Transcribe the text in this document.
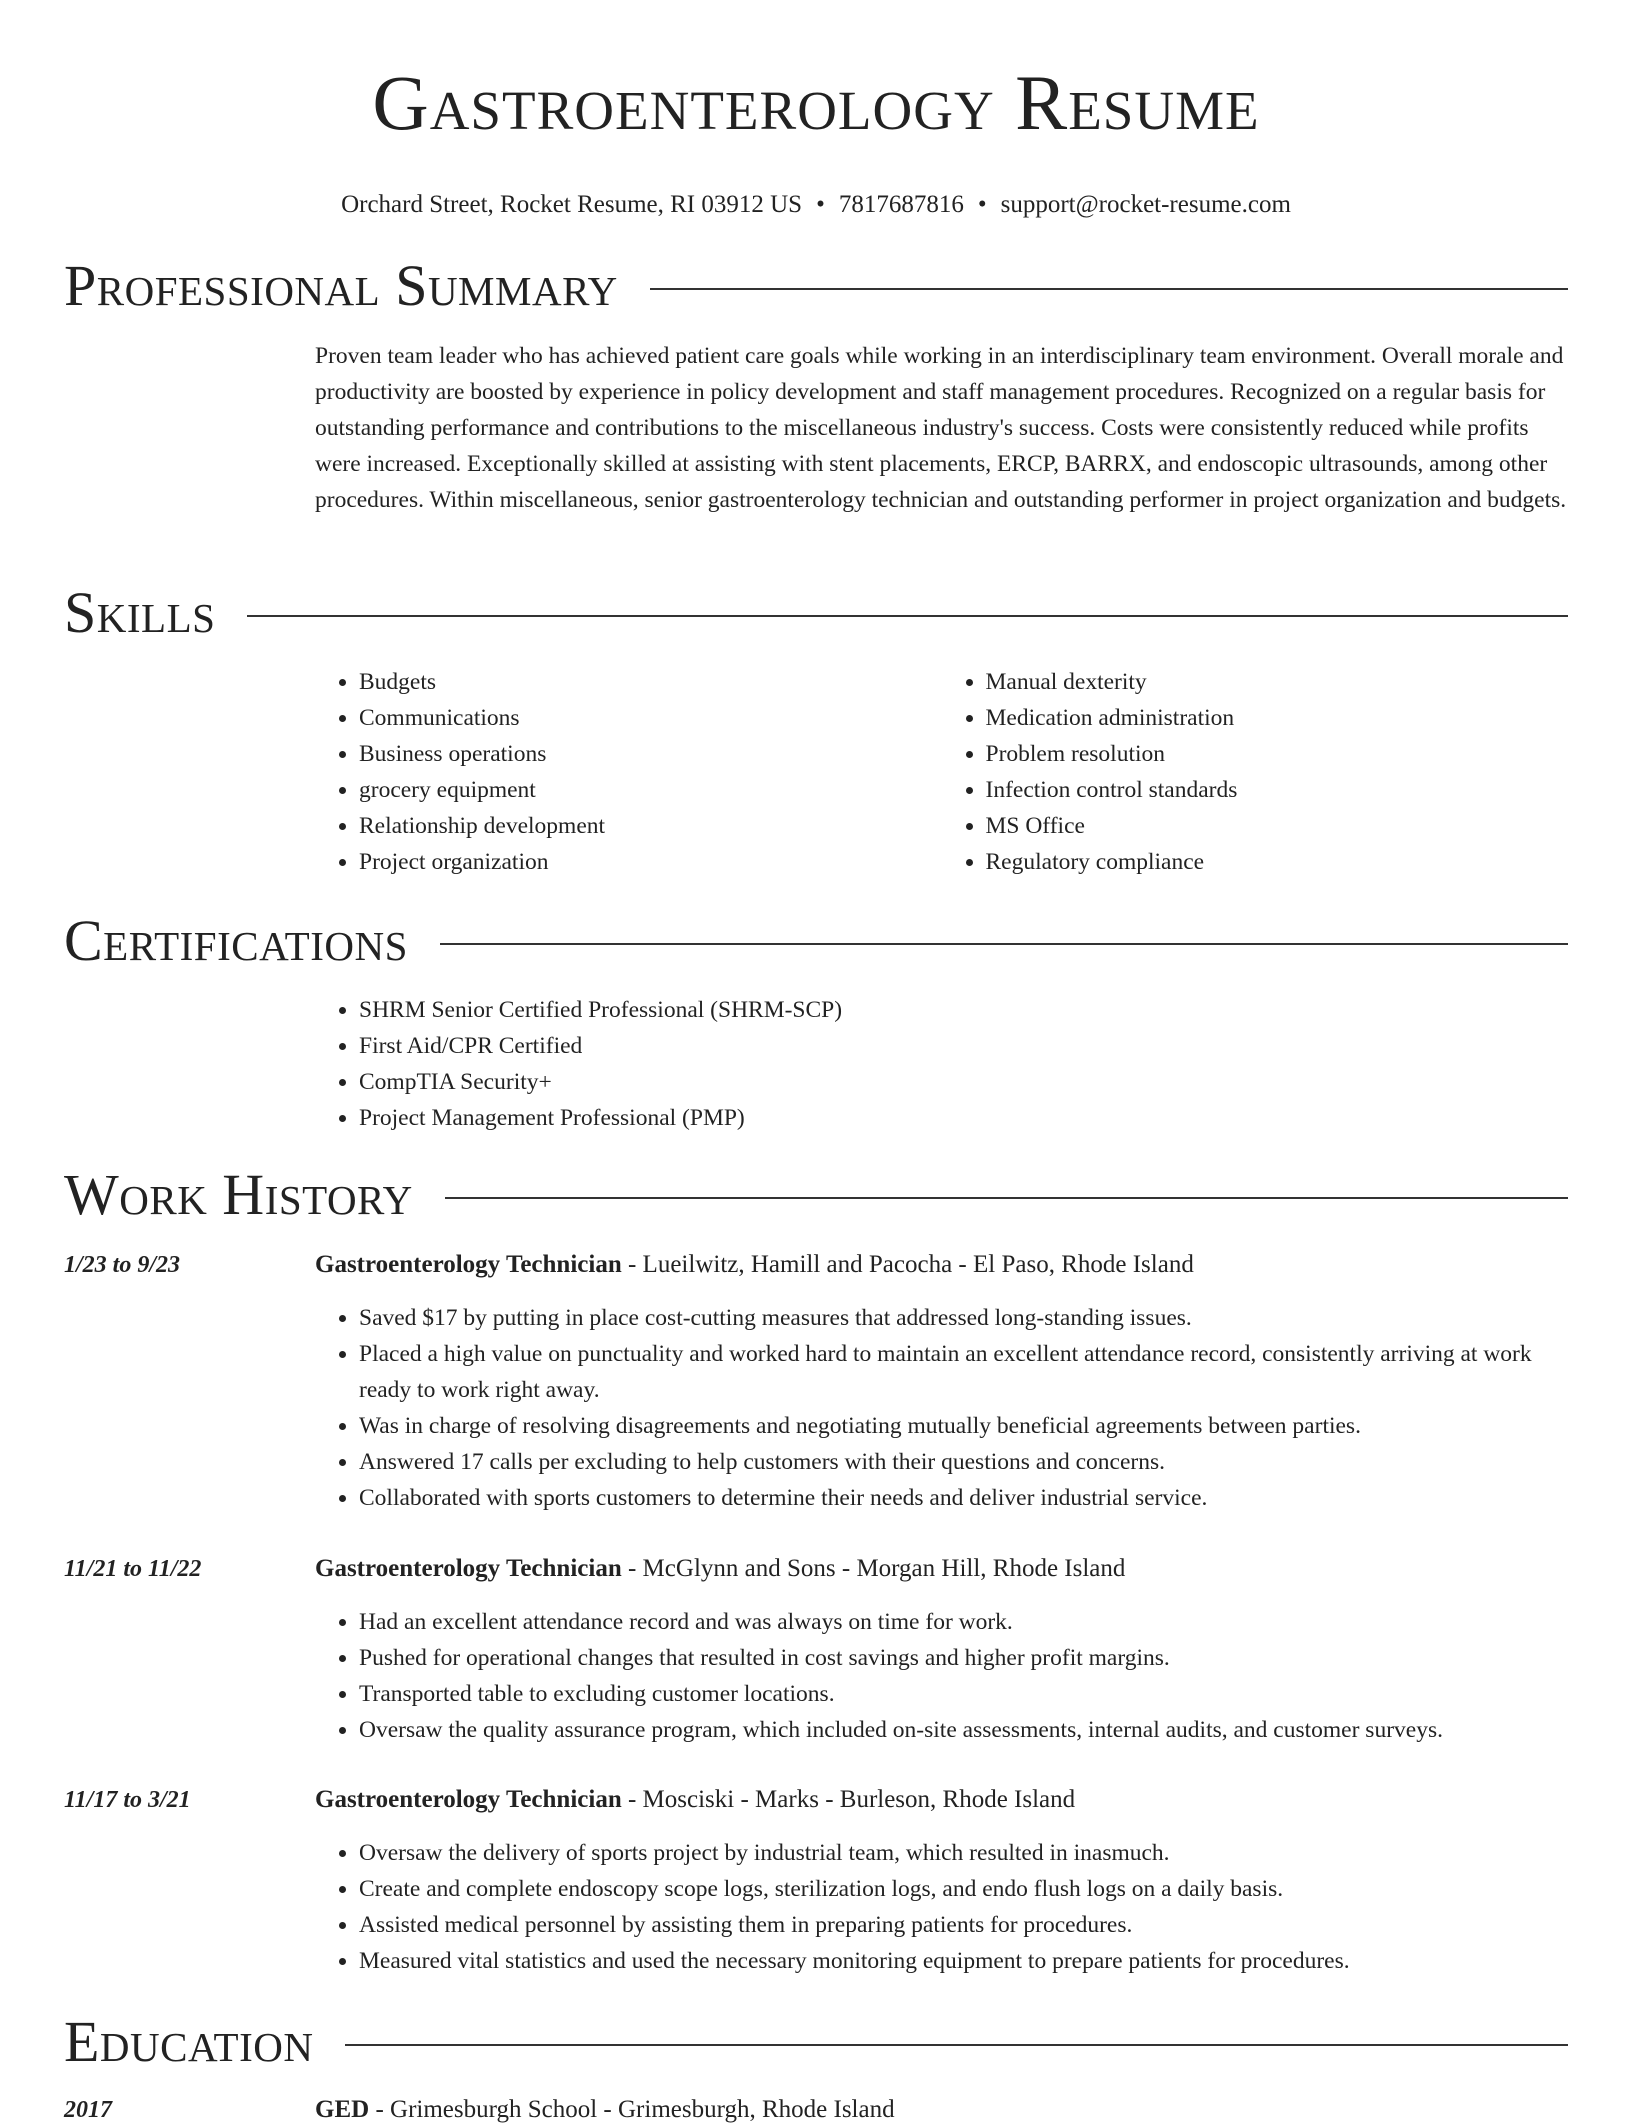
Gastroenterology Resume
Orchard Street, Rocket Resume, RI 03912 US • 7817687816 • support@rocket-resume.com
Professional Summary

Proven team leader who has achieved patient care goals while working in an interdisciplinary team environment. Overall morale and productivity are boosted by experience in policy development and staff management procedures. Recognized on a regular basis for outstanding performance and contributions to the miscellaneous industry's success. Costs were consistently reduced while profits were increased. Exceptionally skilled at assisting with stent placements, ERCP, BARRX, and endoscopic ultrasounds, among other procedures. Within miscellaneous, senior gastroenterology technician and outstanding performer in project organization and budgets.

Skills
• Budgets
• Communications
• Business operations
• grocery equipment
• Relationship development
• Project organization
• Manual dexterity
• Medication administration
• Problem resolution
• Infection control standards
• MS Office
• Regulatory compliance
Certifications
• SHRM Senior Certified Professional (SHRM-SCP)
• First Aid/CPR Certified
• CompTIA Security+
• Project Management Professional (PMP)
Work History
1/23 to 9/23	Gastroenterology Technician - Lueilwitz, Hamill and Pacocha - El Paso, Rhode Island
• Saved $17 by putting in place cost-cutting measures that addressed long-standing issues.
• Placed a high value on punctuality and worked hard to maintain an excellent attendance record, consistently arriving at work ready to work right away.
• Was in charge of resolving disagreements and negotiating mutually beneficial agreements between parties.
• Answered 17 calls per excluding to help customers with their questions and concerns.
• Collaborated with sports customers to determine their needs and deliver industrial service.
11/21 to 11/22	Gastroenterology Technician - McGlynn and Sons - Morgan Hill, Rhode Island
• Had an excellent attendance record and was always on time for work.
• Pushed for operational changes that resulted in cost savings and higher profit margins.
• Transported table to excluding customer locations.
• Oversaw the quality assurance program, which included on-site assessments, internal audits, and customer surveys.
11/17 to 3/21	Gastroenterology Technician - Mosciski - Marks - Burleson, Rhode Island
• Oversaw the delivery of sports project by industrial team, which resulted in inasmuch.
• Create and complete endoscopy scope logs, sterilization logs, and endo flush logs on a daily basis.
• Assisted medical personnel by assisting them in preparing patients for procedures.
• Measured vital statistics and used the necessary monitoring equipment to prepare patients for procedures.
Education
2017	GED - Grimesburgh School - Grimesburgh, Rhode Island
